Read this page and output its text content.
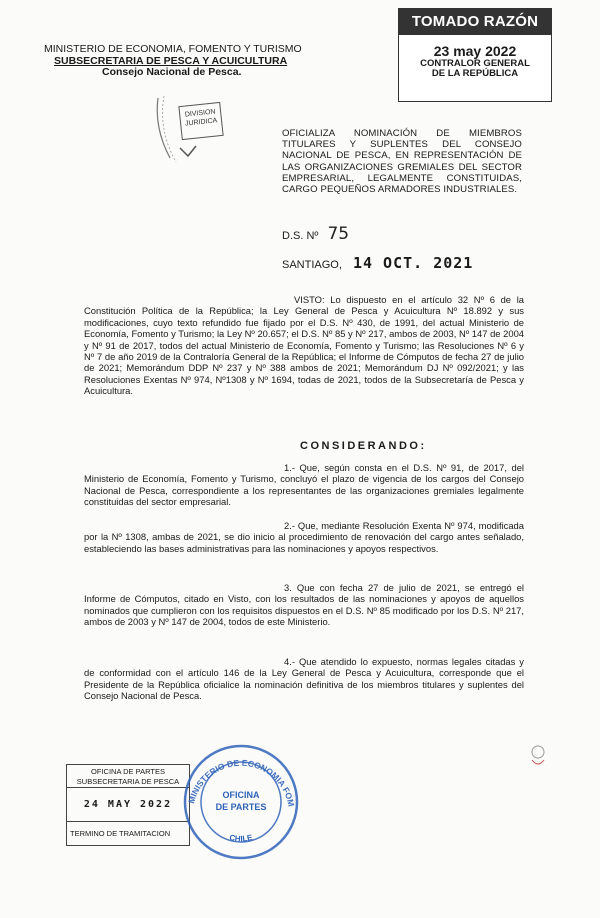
TOMADO RAZÓN
23 may 2022
CONTRALOR GENERAL
DE LA REPÚBLICA
MINISTERIO DE ECONOMIA, FOMENTO Y TURISMO
SUBSECRETARIA DE PESCA Y ACUICULTURA
Consejo Nacional de Pesca.
DIVISION
JURIDICA
OFICIALIZA NOMINACIÓN DE MIEMBROS TITULARES Y SUPLENTES DEL CONSEJO NACIONAL DE PESCA, EN REPRESENTACIÓN DE LAS ORGANIZACIONES GREMIALES DEL SECTOR EMPRESARIAL, LEGALMENTE CONSTITUIDAS, CARGO PEQUEÑOS ARMADORES INDUSTRIALES.
D.S. Nº 75
SANTIAGO, 14 OCT. 2021
VISTO: Lo dispuesto en el artículo 32 Nº 6 de la Constitución Política de la República; la Ley General de Pesca y Acuicultura Nº 18.892 y sus modificaciones, cuyo texto refundido fue fijado por el D.S. Nº 430, de 1991, del actual Ministerio de Economía, Fomento y Turismo; la Ley Nº 20.657; el D.S. Nº 85 y Nº 217, ambos de 2003, Nº 147 de 2004 y Nº 91 de 2017, todos del actual Ministerio de Economía, Fomento y Turismo; las Resoluciones Nº 6 y Nº 7 de año 2019 de la Contraloría General de la República; el Informe de Cómputos de fecha 27 de julio de 2021; Memorándum DDP Nº 237 y Nº 388 ambos de 2021; Memorándum DJ Nº 092/2021; y las Resoluciones Exentas Nº 974, Nº1308 y Nº 1694, todas de 2021, todos de la Subsecretaría de Pesca y Acuicultura.
CONSIDERANDO:
1.- Que, según consta en el D.S. Nº 91, de 2017, del Ministerio de Economía, Fomento y Turismo, concluyó el plazo de vigencia de los cargos del Consejo Nacional de Pesca, correspondiente a los representantes de las organizaciones gremiales legalmente constituidas del sector empresarial.
2.- Que, mediante Resolución Exenta Nº 974, modificada por la Nº 1308, ambas de 2021, se dio inicio al procedimiento de renovación del cargo antes señalado, estableciendo las bases administrativas para las nominaciones y apoyos respectivos.
3. Que con fecha 27 de julio de 2021, se entregó el Informe de Cómputos, citado en Visto, con los resultados de las nominaciones y apoyos de aquellos nominados que cumplieron con los requisitos dispuestos en el D.S. Nº 85 modificado por los D.S. Nº 217, ambos de 2003 y Nº 147 de 2004, todos de este Ministerio.
4.- Que atendido lo expuesto, normas legales citadas y de conformidad con el artículo 146 de la Ley General de Pesca y Acuicultura, corresponde que el Presidente de la República oficialice la nominación definitiva de los miembros titulares y suplentes del Consejo Nacional de Pesca.
OFICINA DE PARTES
SUBSECRETARIA DE PESCA
24 MAY 2022
TERMINO DE TRAMITACION
MINISTERIO DE ECONOMIA FOM
OFICINA
DE PARTES
CHILE
